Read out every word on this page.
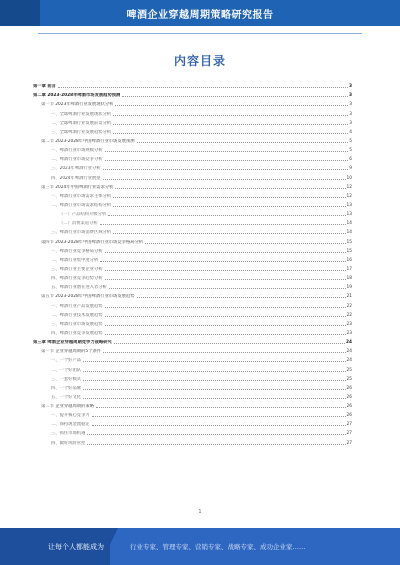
啤酒企业穿越周期策略研究报告
内容目录
第一章 前言	3
第二章 2023-2028年啤酒市场发展趋势预测	3
第一节 2023年啤酒行业发展现状分析	3
一、全球啤酒行业发展现状分析	3
二、全球啤酒行业发展前景分析	3
三、全球啤酒行业发展趋势分析	4
第二节 2023-2028年中国啤酒行业市场发展预测	5
一、啤酒行业市场规模分析	5
二、啤酒行业市场竞争分析	6
三、2023年啤酒行业分析	9
四、2024年啤酒行业展望	10
第三节 2024年中国啤酒行业需求分析	12
一、啤酒行业市场需求主体分析	12
二、啤酒行业市场需求结构分析	13
（一）产品结构升级分析	13
（二）消费渠道分析	14
三、啤酒行业市场消费区域分析	14
第四节 2023-2028年中国啤酒行业市场竞争格局分析	15
一、啤酒行业竞争格局分析	15
二、啤酒行业集中度分析	16
三、啤酒行业主要企业分析	17
四、啤酒行业竞争趋势分析	18
五、啤酒行业潜在进入者分析	19
第五节 2023-2028年中国啤酒行业市场发展趋势	21
一、啤酒行业产品发展趋势	22
二、啤酒行业技术发展趋势	22
三、啤酒行业市场发展趋势	23
四、啤酒行业竞争发展趋势	23
第三章 啤酒企业穿越周期竞争力战略研究	24
第一节 企业穿越周期的5个条件	24
一、一个好产品	24
二、一个好团队	25
三、一套好模式	25
四、一个好品牌	26
五、一个好文化	26
第二节 企业穿越周期的策略	26
一、提升核心竞争力	26
二、保持现金流稳定	27
三、抓住市场机遇	27
四、做好风险管控	27
1
让每个人都能成为	行业专家、管理专家、营销专家、战略专家、成功企业家……
